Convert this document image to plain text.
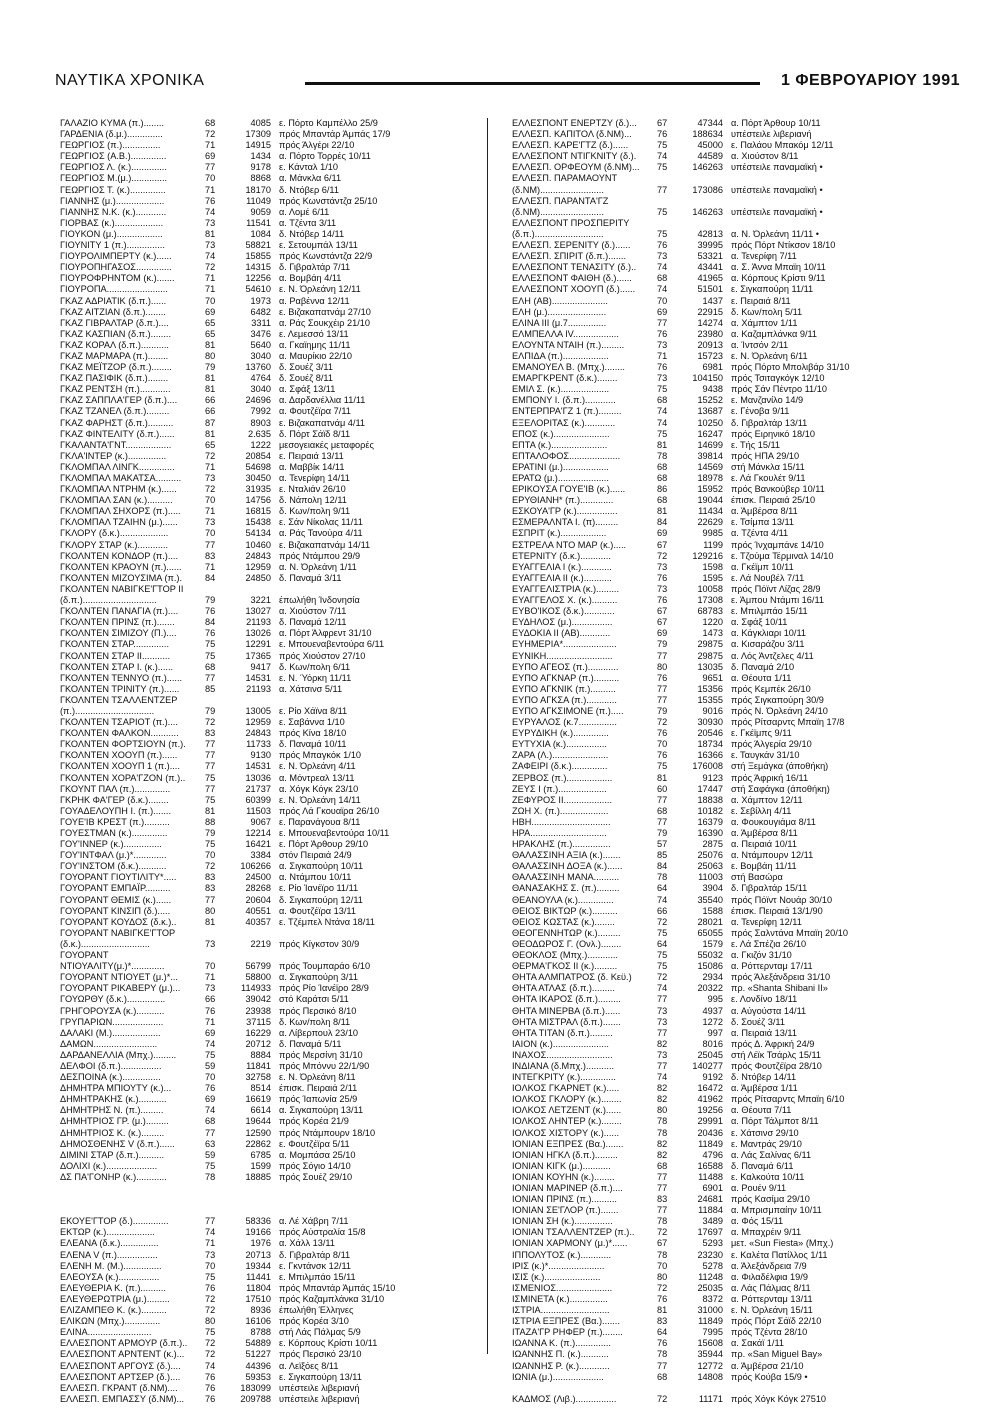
ΝΑΥΤΙΚΑ ΧΡΟΝΙΚΑ	1 ΦΕΒΡΟΥΑΡΙΟΥ 1991
ΓΑΛΑΖΙΟ ΚΥΜΑ (π.)........	68	4085 ε. Πόρτο Καμπέλλο 25/9
ΓΑΡΔΕΝΙΑ (δ.μ.)..............	72	17309 πρός Μπαντάρ Άμπάς 17/9
ΓΕΩΡΓΙΟΣ (π.)...............	71	14915 πρός Άλγέρι 22/10
ΓΕΩΡΓΙΟΣ (Α.Β.)..............	69	1434 α. Πόρτο Τορρές 10/11
ΓΕΩΡΓΙΟΣ Λ. (κ.)..............	77	9178 ε. Κάνταλ 1/10
ΓΕΩΡΓΙΟΣ Μ.(μ.)..............	70	8868 α. Μάνκλα 6/11
ΓΕΩΡΓΙΟΣ Τ. (κ.)..............	71	18170 δ. Ντόβερ 6/11
ΓΙΑΝΝΗΣ (μ.)...................	76	11049 πρός Κωνστάντζα 25/10
ΓΙΑΝΝΗΣ Ν.Κ. (κ.)............	74	9059 α. Λομέ 6/11
ΓΙΟΡΒΑΣ (κ.)...................	73	11541 α. Τζέντα 3/11
ΓΙΟΥΚΟΝ (μ.)..................	81	1084 δ. Ντόβερ 14/11
ΓΙΟΥΝΙΤΥ 1 (π.)...............	73	58821 ε. Σετουμπάλ 13/11
ΓΙΟΥΡΟΛΙΜΠΕΡΤΥ (κ.)......	74	15855 πρός Κωνστάντζα 22/9
ΓΙΟΥΡΟΠΗΓΑΣΟΣ..............	72	14315 δ. Γιβραλτάρ 7/11
ΓΙΟΥΡΟΦΡΗΝΤΟΜ (κ.).......	71	12256 α. Βομβάη 4/11
ΓΙΟΥΡΟΠΑ........................	71	54610 ε. Ν. Όρλεάνη 12/11
ΓΚΑΖ ΑΔΡΙΑΤΙΚ (δ.π.)......	70	1973 α. Ραβέννα 12/11
ΓΚΑΖ ΑΙΤΖΙΑΝ (δ.π.)........	69	6482 ε. Βιζακαπατνάμ 27/10
ΓΚΑΖ ΓΙΒΡΑΛΤΑΡ (δ.π.)....	65	3311 α. Ράς Σουκχέιρ 21/10
ΓΚΑΖ ΚΑΣΠΙΑΝ (δ.π.)........	65	3476 ε. Λεμεσσό 13/11
ΓΚΑΖ ΚΟΡΑΛ (δ.π.)...........	81	5640 α. Γκαϊημης 11/11
ΓΚΑΖ ΜΑΡΜΑΡΑ (π.)........	80	3040 α. Μαυρίκιο 22/10
ΓΚΑΖ ΜΕΪΤΖΟΡ (δ.π.)........	79	13760 δ. Σουέζ 3/11
ΓΚΑΖ ΠΑΣΙΦΙΚ (δ.π.)........	81	4764 δ. Σουέζ 8/11
ΓΚΑΖ ΡΕΝΤΣΗ (π.)............	81	3040 α. Σφάξ 13/11
ΓΚΑΖ ΣΑΠΠΛΑ'ΓΕΡ (δ.π.)....	66	24696 α. Δαρδανέλλια 11/11
ΓΚΑΖ ΤΖΑΝΕΛ (δ.π.).........	66	7992 α. Φουτζέϊρα 7/11
ΓΚΑΖ ΦΑΡΗΣΤ (δ.π.)..........	87	8903 ε. Βιζακαπατνάμ 4/11
ΓΚΑΖ ΦΙΝΤΕΛΙΤΥ (δ.π.)......	81	2.635 δ. Πόρτ Σάϊδ 8/11
ΓΚΑΛΑΝΤΑ'ΓΝΤ..................	65	1222 μεσογειακές μεταφορές
ΓΚΛΑ'ΙΝΤΕΡ (κ.)...............	72	20854 ε. Πειραιά 13/11
ΓΚΛΟΜΠΑΛ ΛΙΝΓΚ..............	71	54698 α. Μαββίκ 14/11
ΓΚΛΟΜΠΑΛ ΜΑΚΑΤΣΑ..........	73	30450 α. Τενερίφη 14/11
ΓΚΛΟΜΠΑΛ ΝΤΡΗΜ (κ.)......	72	31935 ε. Νταλιάν 26/10
ΓΚΛΟΜΠΑΛ ΣΑΝ (κ.)..........	70	14756 δ. Νάπολη 12/11
ΓΚΛΟΜΠΑΛ ΣΗΧΟΡΣ (π.).....	71	16815 δ. Κων/πολη 9/11
ΓΚΛΟΜΠΑΛ ΤΖΑΙΗΝ (μ.)......	73	15438 ε. Σάν Νίκολας 11/11
ΓΚΛΟΡΥ (δ.κ.)...................	70	54134 α. Ράς Τανούρα 4/11
ΓΚΛΟΡΥ ΣΤΑΡ (κ.)............	77	10460 ε. Βιζακαπατνάμ 14/11
ΓΚΟΛΝΤΕΝ ΚΟΝΔΟΡ (π.)....	83	24843 πρός Ντάμπου 29/9
ΓΚΟΛΝΤΕΝ ΚΡΑΟΥΝ (π.)......	71	12959 α. Ν. Όρλεάνη 1/11
ΓΚΟΛΝΤΕΝ ΜΙΖΟΥΣΙΜΑ (π.).	84	24850 δ. Παναμά 3/11
ΓΚΟΛΝΤΕΝ ΝΑΒΙΓΚΕ'ΓΤΟΡ ΙΙ
(δ.π.).............................	79	3221 έπωλήθη Ίνδονησία
ΓΚΟΛΝΤΕΝ ΠΑΝΑΓΙΑ (π.)....	76	13027 α. Χιούστον 7/11
ΓΚΟΛΝΤΕΝ ΠΡΙΝΣ (π.).......	84	21193 δ. Παναμά 12/11
ΓΚΟΛΝΤΕΝ ΣΙΜΙΖΟΥ (Π.)....	76	13026 α. Πόρτ Άλφρεντ 31/10
ΓΚΟΛΝΤΕΝ ΣΤΑΡ..............	75	12291 ε. Μπουεναβεντούρα 6/11
ΓΚΟΛΝΤΕΝ ΣΤΑΡ ΙΙ...........	75	17365 πρός Χιούστον 27/10
ΓΚΟΛΝΤΕΝ ΣΤΑΡ Ι. (κ.)......	68	9417 δ. Κων/πολη 6/11
ΓΚΟΛΝΤΕΝ ΤΕΝΝΥΟ (π.)......	77	14531 ε. Ν. Ύόρκη 11/11
ΓΚΟΛΝΤΕΝ ΤΡΙΝΙΤΥ (π.)......	85	21193 α. Χάτσινσ 5/11
ΓΚΟΛΝΤΕΝ ΤΣΑΛΛΕΝΤΖΕΡ
(π.)...............................	79	13005 ε. Ρίο Χάϊνα 8/11
ΓΚΟΛΝΤΕΝ ΤΣΑΡΙΟΤ (π.)....	72	12959 ε. Σαβάννα 1/10
ΓΚΟΛΝΤΕΝ ΦΑΛΚΟΝ...........	83	24843 πρός Κίνα 18/10
ΓΚΟΛΝΤΕΝ ΦΟΡΤΣΙΟΥΝ (π.).	77	11733 δ. Παναμά 10/11
ΓΚΟΛΝΤΕΝ ΧΟΟΥΠ (π.)......	77	9130 πρός Μπαγκόκ 1/10
ΓΚΟΛΝΤΕΝ ΧΟΟΥΠ 1 (π.)....	77	14531 ε. Ν. Όρλεάνη 4/11
ΓΚΟΛΝΤΕΝ ΧΟΡΑ'ΓΖΟΝ (π.)..	75	13036 α. Μόντρεαλ 13/11
ΓΚΟΥΝΤ ΠΑΛ (π.)..............	77	21737 α. Χόγκ Κόγκ 23/10
ΓΚΡΗΚ ΦΑ'ΓΕΡ (δ.κ.)........	75	60399 ε. Ν. Όρλεάνη 14/11
ΓΟΥΑΔΕΛΟΥΠΗ Ι. (π.).......	81	11503 πρός Λά Γκουαϊρα 26/10
ΓΟΥΕ'ΙΒ ΚΡΕΣΤ (π.)..........	88	9067 ε. Παρανάγουα 8/11
ΓΟΥΕΣΤΜΑΝ (κ.)..............	79	12214 ε. Μπουεναβεντούρα 10/11
ΓΟΥ'ΙΝΝΕΡ (κ.)...............	75	16421 ε. Πόρτ Άρθουρ 29/10
ΓΟΥ'ΙΝΤΦΑΛ (μ.)*.............	70	3384 στόν Πειραιά 24/9
ΓΟΥ'ΙΝΣΤΟΜ (δ.κ.)...........	72	106266 α. Σιγκαπούρη 10/11
ΓΟΥΟΡΑΝΤ ΓΙΟΥΤΙΛΙΤΥ*.....	83	24500 α. Ντάμπου 10/11
ΓΟΥΟΡΑΝΤ ΕΜΠΑΪΡ..........	83	28268 ε. Ρίο Ίανέϊρο 11/11
ΓΟΥΟΡΑΝΤ ΘΕΜΙΣ (κ.)......	77	20604 δ. Σιγκαπούρη 12/11
ΓΟΥΟΡΑΝΤ ΚΙΝΣΙΠ (δ.).....	80	40551 α. Φουτζέϊρα 13/11
ΓΟΥΟΡΑΝΤ ΚΟΥΔΟΣ (δ.κ.)..	81	40357 ε. Τζέμπελ Ντάνα 18/11
ΓΟΥΟΡΑΝΤ ΝΑΒΙΓΚΕ'ΓΤΟΡ
(δ.κ.)...........................	73	2219 πρός Κίγκστον 30/9
ΓΟΥΟΡΑΝΤ
ΝΤΙΟΥΑΛΙΤΥ(μ.)*.............	70	56799 πρός Τουμπαράο 6/10
ΓΟΥΟΡΑΝΤ ΝΤΙΟΥΕΤ (μ.)*...	71	58800 α. Σιγκαπούρη 3/11
ΓΟΥΟΡΑΝΤ ΡΙΚΑΒΕΡΥ (μ.)...	73	114933 πρός Ρίο Ίανέϊρο 28/9
ΓΟΥΩΡΘΥ (δ.κ.)...............	66	39042 στό Καράτσι 5/11
ΓΡΗΓΟΡΟΥΣΑ (κ.)...........	76	23938 πρός Περσικό 8/10
ΓΡΥΠΑΡΙΩΝ....................	71	37115 δ. Κων/πολη 8/11
ΔΑΛΑΚΙ (Μ.)...................	69	16229 α. Λίβερπουλ 23/10
ΔΑΜΩΝ.........................	74	20712 δ. Παναμά 5/11
ΔΑΡΔΑΝΕΛΛΙΑ (Μπχ.).........	75	8884 πρός Μερσίνη 31/10
ΔΕΛΦΟΙ (δ.π.)................	59	11841 πρός Μπόννυ 22/1/90
ΔΕΣΠΟΙΝΑ (κ.)...............	70	32758 ε. Ν. Όρλεάνη 8/11
ΔΗΜΗΤΡΑ ΜΠΙΟΥΤΥ (κ.)...	76	8514 έπισκ. Πειραιά 2/11
ΔΗΜΗΤΡΑΚΗΣ (κ.)...........	69	16619 πρός Ίαπωνία 25/9
ΔΗΜΗΤΡΗΣ Ν. (π.).........	74	6614 α. Σιγκαπούρη 13/11
ΔΗΜΗΤΡΙΟΣ ΓΡ. (μ.).........	68	19644 πρός Κορέα 21/9
ΔΗΜΗΤΡΙΟΣ Κ. (κ.).........	77	12590 πρός Ντάμπουρν 18/10
ΔΗΜΟΣΘΕΝΗΣ V (δ.π.)......	63	22862 ε. Φουτζέϊρα 5/11
ΔΙΜΙΝΙ ΣΤΑΡ (δ.π.)..........	59	6785 α. Μομπάσα 25/10
ΔΟΛΙΧΙ (κ.)....................	75	1599 πρός Σόγιο 14/10
ΔΣ ΠΑ'ΓΟΝΗΡ (κ.)............	78	18885 πρός Σουέζ 29/10
ΕΚΟΥΕ'ΓΤΟΡ (δ.)..............	77	58336 α. Λέ Χάβρη 7/11
ΕΚΤΩΡ (κ.)...................	74	19166 πρός Αύστραλία 15/8
ΕΛΕΑΝΑ (δ.κ.)...............	71	1976 α. Χάλλ 13/11
ΕΛΕΝΑ V (π.)................	73	20713 δ. Γιβραλτάρ 8/11
ΕΛΕΝΗ Μ. (Μ.)...............	70	19344 ε. Γκντάνσκ 12/11
ΕΛΕΟΥΣΑ (κ.)................	75	11441 ε. Μπιλμπάο 15/11
ΕΛΕΥΘΕΡΙΑ Κ. (π.)..........	76	11804 πρός Μπαντάρ Άμπάς 15/10
ΕΛΕΥΘΕΡΩΤΡΙΑ (μ.).........	72	17510 πρός Καζαμπλάνκα 31/10
ΕΛΙΖΑΜΠΕΘ Κ. (κ.)..........	72	8936 έπωλήθη Έλληνες
ΕΛΙΚΩΝ (Μπχ.)..............	80	16106 πρός Κορέα 3/10
ΕΛΙΝΑ.........................	75	8788 στή Λάς Πάλμας 5/9
ΕΛΛΕΣΠΟΝΤ ΑΡΜΟΥΡ (δ.π.)..	72	54889 ε. Κόρπους Κρίστι 10/11
ΕΛΛΕΣΠΟΝΤ ΑΡΝΤΕΝΤ (κ.)...	72	51227 πρός Περσικό 23/10
ΕΛΛΕΣΠΟΝΤ ΑΡΓΟΥΣ (δ.)....	74	44396 α. Λεϊξόες 8/11
ΕΛΛΕΣΠΟΝΤ ΑΡΤΣΕΡ (δ.)....	76	59353 ε. Σιγκαπούρη 13/11
ΕΛΛΕΣΠ. ΓΚΡΑΝΤ (δ.ΝΜ)....	76	183099 υπέστειλε λιβεριανή
ΕΛΛΕΣΠ. ΕΜΠΑΣΣΥ (δ.ΝΜ)...	76	209788 υπέστειλε λιβεριανή
ΕΛΛΕΣΠΟΝΤ ΕΝΕΡΤΖΥ (δ.)...	67	47344 α. Πόρτ Άρθουρ 10/11
ΕΛΛΕΣΠ. ΚΑΠΙΤΟΛ (δ.ΝΜ)...	76	188634 υπέστειλε λιβεριανή
ΕΛΛΕΣΠ. ΚΑΡΕ'ΓΤΖ (δ.)......	75	45000 ε. Παλάου Μπακόμ 12/11
ΕΛΛΕΣΠΟΝΤ ΝΤΙΓΚΝΙΤΥ (δ.).	74	44589 α. Χιούστον 8/11
ΕΛΛΕΣΠ. ΟΡΦΕΟΥΜ (δ.ΝΜ)...	75	146263 υπέστειλε παναμαϊκή •
ΕΛΛΕΣΠ. ΠΑΡΑΜΑΟΥΝΤ
(δ.ΝΜ).........................	77	173086 υπέστειλε παναμαϊκή •
ΕΛΛΕΣΠ. ΠΑΡΑΝΤΑ'ΓΖ
(δ.ΝΜ).........................	75	146263 υπέστειλε παναμαϊκή •
ΕΛΛΕΣΠΟΝΤ ΠΡΟΣΠΕΡΙΤΥ
(δ.π.)...........................	75	42813 α. Ν. Όρλεάνη 11/11 •
ΕΛΛΕΣΠ. ΣΕΡΕΝΙΤΥ (δ.)......	76	39995 πρός Πόρτ Ντίκσον 18/10
ΕΛΛΕΣΠ. ΣΠΙΡΙΤ (δ.π.).......	73	53321 α. Τενερίφη 7/11
ΕΛΛΕΣΠΟΝΤ ΤΕΝΑΣΙΤΥ (δ.)..	74	43441 α. Σ. Άννα Μπαϊη 10/11
ΕΛΛΕΣΠΟΝΤ ΦΑΙΘΗ (δ.)......	68	41965 α. Κόρπους Κρίστι 9/11
ΕΛΛΕΣΠΟΝΤ ΧΟΟΥΠ (δ.)......	74	51501 ε. Σιγκαπούρη 11/11
ΕΛΗ (ΑΒ)......................	70	1437 ε. Πειραιά 8/11
ΕΛΗ (μ.).......................	69	22915 δ. Κων/πολη 5/11
ΕΛΙΝΑ ΙΙΙ (μ.7...............	77	14274 α. Χάμπτον 1/11
ΕΛΜΠΕΛΛΑ IV..................	76	23980 α. Καζαμπλάνκα 9/11
ΕΛΟΥΝΤΑ ΝΤΑΙΗ (π.).........	73	20913 α. Ίντσόν 2/11
ΕΛΠΙΔΑ (π.)..................	71	15723 ε. Ν. Όρλεάνη 6/11
ΕΜΑΝΟΥΕΛ Β. (Μπχ.)........	76	6981 πρός Πόρτο Μπολιβάρ 31/10
ΕΜΑΡΓΚΡΕΝΤ (δ.κ.)........	73	104150 πρός Τσιταγκόγκ 12/10
ΕΜΙΛ Σ. (κ.)...................	75	9438 πρός Σάν Πέντρο 11/10
ΕΜΠΟΝΥ Ι. (δ.π.)............	68	15252 ε. Μανζανίλο 14/9
ΕΝΤΕΡΠΡΑ'ΓΖ 1 (π.).........	74	13687 ε. Γένοβα 9/11
ΕΞΕΛΟΡΙΤΑΣ (κ.)............	74	10250 δ. Γιβραλτάρ 13/11
ΕΠΟΣ (κ.)......................	75	16247 πρός Ειρηνικό 18/10
ΕΠΤΑ (κ.)......................	81	14699 ε. Τής 15/11
ΕΠΤΑΛΟΦΟΣ....................	78	39814 πρός ΗΠΑ 29/10
ΕΡΑΤΙΝΙ (μ.)..................	68	14569 στή Μάνκλα 15/11
ΕΡΑΤΩ (μ.)....................	68	18978 ε. Λά Γκουλέτ 9/11
ΕΡΙΚΟΥΣΑ ΓΟΥΕ'ΙΒ (κ.)......	86	15952 πρός Βανκούβερ 10/11
ΕΡΥΘΙΑΝΗ* (π.).............	68	19044 έπισκ. Πειραιά 25/10
ΕΣΚΟΥΑ'ΓΡ (κ.)................	81	11434 α. Άμβέρσα 8/11
ΕΣΜΕΡΑΛΝΤΑ Ι. (π).........	84	22629 ε. Τσίμπα 13/11
ΕΣΠΡΙΤ (κ.)..................	69	9985 α. Τζέντα 4/11
ΕΣΤΡΕΛΑ ΝΤΟ ΜΑΡ (κ.).....	67	1199 πρός Ίνχαμπάνε 14/10
ΕΤΕΡΝΙΤΥ (δ.κ.)............	72	129216 ε. Τζούμα Τέρμιναλ 14/10
ΕΥΑΓΓΕΛΙΑ Ι (κ.)............	73	1598 α. Γκέϊμπ 10/11
ΕΥΑΓΓΕΛΙΑ ΙΙ (κ.)...........	76	1595 ε. Λά Νουβέλ 7/11
ΕΥΑΓΓΕΛΙΣΤΡΙΑ (κ.).........	73	10058 πρός Πόϊντ Λίζας 28/9
ΕΥΑΓΓΕΛΟΣ Χ. (κ.)..........	76	17308 ε. Άμπου Ντάμπι 16/11
ΕΥΒΟ'ΙΚΟΣ (δ.κ.)............	67	68783 ε. Μπιλμπάο 15/11
ΕΥΔΗΛΟΣ (μ.)................	67	1220 α. Σφάξ 10/11
ΕΥΔΟΚΙΑ ΙΙ (ΑΒ)............	69	1473 α. Κάγκλιαρι 10/11
ΕΥΗΜΕΡΙΑ*.....................	79	29875 α. Κισαράζου 3/11
ΕΥΝΙΚΗ..........................	77	29875 α. Λός Άντζελες 4/11
ΕΥΠΟ ΑΓΕΟΣ (π.)............	80	13035 δ. Παναμά 2/10
ΕΥΠΟ ΑΓΚΝΑΡ (π.)..........	76	9651 α. Θέουτα 1/11
ΕΥΠΟ ΑΓΚΝΙΚ (π.)..........	77	15356 πρός Κεμπέκ 26/10
ΕΥΠΟ ΑΓΚΣΑ (π.)............	77	15355 πρός Σιγκαπούρη 30/9
ΕΥΠΟ ΑΓΚΣΙΜΟΝΕ (π.).....	79	9016 πρός Ν. Όρλεάνη 24/10
ΕΥΡΥΑΛΟΣ (κ.7...............	72	30930 πρός Ρίτσαρντς Μπαϊη 17/8
ΕΥΡΥΔΙΚΗ (κ.)..............	76	20546 ε. Γκέϊμπς 9/11
ΕΥΤΥΧΙΑ (κ.)................	70	18734 πρός Άλγερία 29/10
ΖΑΡΑ (Λ.)......................	76	16366 ε. Ταυγκάν 31/10
ΖΑΦΕΙΡΙ (δ.κ.)..............	75	176008 στή Ξεμάγκα (άποθήκη)
ΖΕΡΒΟΣ (π.)..................	81	9123 πρός Άφρική 16/11
ΖΕΥΣ Ι (π.)...................	60	17447 στή Σαφάγκα (άποθήκη)
ΖΕΦΥΡΟΣ ΙΙ...................	77	18838 α. Χάμπτον 12/11
ΖΩΗ Χ. (π.)...................	68	10182 ε. Σεβίλλη 4/11
ΗΒΗ...............................	77	16379 α. Φουκουγιάμα 8/11
ΗΡΑ..............................	79	16390 α. Άμβέρσα 8/11
ΗΡΑΚΛΗΣ (π.)...............	57	2875 α. Πειραιά 10/11
ΘΑΛΑΣΣΙΝΗ ΑΞΙΑ (κ.).......	85	25076 α. Ντάμπουρν 12/11
ΘΑΛΑΣΣΙΝΗ ΔΟΞΑ (κ.)......	84	25063 ε. Βομβάη 11/11
ΘΑΛΑΣΣΙΝΗ ΜΑΝΑ..........	78	11003 στή Βασώρα
ΘΑΝΑΣΑΚΗΣ Σ. (π.).........	64	3904 δ. Γιβραλτάρ 15/11
ΘΕΑΝΟΥΛΑ (κ.)..............	74	35540 πρός Πόϊντ Νουάρ 30/10
ΘΕΙΟΣ ΒΙΚΤΩΡ (κ.)..........	66	1588 έπισκ. Πειραιά 13/1/90
ΘΕΙΟΣ ΚΩΣΤΑΣ (κ.)........	72	28021 α. Τενερίφη 12/11
ΘΕΟΓΕΝΝΗΤΩΡ (κ.).........	75	65055 πρός Σαλντάνα Μπαϊη 20/10
ΘΕΟΔΩΡΟΣ Γ. (Ονλ.)........	64	1579 ε. Λά Σπέζια 26/10
ΘΕΟΚΛΟΣ (Μπχ.)............	75	55032 α. Γκιζόν 31/10
ΘΕΡΜΑ'ΓΚΟΣ ΙΙ (κ.).........	75	15086 α. Ρόττερνταμ 17/11
ΘΗΤΑ ΑΛΜΠΑΤΡΟΣ (δ. Κεϋ.)	72	2934 πρός Άλεξάνδρεια 31/10
ΘΗΤΑ ΑΤΛΑΣ (δ.π.).........	74	20322 πρ. «Shanta Shibani II»
ΘΗΤΑ ΙΚΑΡΟΣ (δ.π.).........	77	995 ε. Λονδίνο 18/11
ΘΗΤΑ ΜΙΝΕΡΒΑ (δ.π.)......	73	4937 α. Αύγούστα 14/11
ΘΗΤΑ ΜΙΣΤΡΑΛ (δ.π.).......	73	1272 δ. Σουέζ 3/11
ΘΗΤΑ ΤΙΤΑΝ (δ.π.).........	77	997 α. Πειραιά 13/11
ΙΑΙΟΝ (κ.)......................	82	8016 πρός Δ. Άφρική 24/9
ΙΝΑΧΟΣ..........................	73	25045 στή Λέϊκ Τσάρλς 15/11
ΙΝΔΙΑΝΑ (δ.Μπχ.)...........	77	140277 πρός Φουτζέϊρα 28/10
ΙΝΤΕΓΚΡΙΤΥ (κ.)..............	74	9192 δ. Ντόβερ 14/11
ΙΟΛΚΟΣ ΓΚΑΡΝΕΤ (κ.).....	82	16472 α. Άμβέρσα 1/11
ΙΟΛΚΟΣ ΓΚΛΟΡΥ (κ.)........	82	41962 πρός Ρίτσαρντς Μπαϊη 6/10
ΙΟΛΚΟΣ ΛΕΤΖΕΝΤ (κ.)......	80	19256 α. Θέουτα 7/11
ΙΟΛΚΟΣ ΛΗΝΤΕΡ (κ.)........	78	29991 α. Πόρτ Τάλμποτ 8/11
ΙΟΛΚΟΣ ΧΙΣΤΟΡΥ (κ.)......	78	20436 ε. Χάτσινσ 29/10
ΙΟΝΙΑΝ ΕΞΠΡΕΣ (Βα.).......	82	11849 ε. Μαντράς 29/10
ΙΟΝΙΑΝ ΗΓΚΛ (δ.π.).........	82	4796 α. Λάς Σαλίνας 6/11
ΙΟΝΙΑΝ ΚΙΓΚ (μ.)...........	68	16588 δ. Παναμά 6/11
ΙΟΝΙΑΝ ΚΟΥΗΝ (κ.)........	77	11488 ε. Καλκούτα 10/11
ΙΟΝΙΑΝ ΜΑΡΙΝΕΡ (δ.π.)....	77	6901 α. Ρουέν 9/11
ΙΟΝΙΑΝ ΠΡΙΝΣ (π.)..........	83	24681 πρός Κασίμα 29/10
ΙΟΝΙΑΝ ΣΕ'ΓΛΟΡ (π.).......	77	11884 α. Μπρισμπαίην 10/11
ΙΟΝΙΑΝ ΣΗ (κ.)...............	78	3489 α. Φός 15/11
ΙΟΝΙΑΝ ΤΣΑΛΛΕΝΤΖΕΡ (π.)..	72	17697 α. Μπαχρέιν 9/11
ΙΟΝΙΑΝ ΧΑΡΜΟΝΥ (μ.)*......	67	5293 μετ. «Sun Fiesta» (Μπχ.)
ΙΠΠΟΛΥΤΟΣ (κ.)............	78	23230 ε. Καλέτα Πατίλλος 1/11
ΙΡΙΣ (κ.)*......................	70	5278 α. Άλεξάνδρεια 7/9
ΙΣΙΣ (κ.)......................	80	11248 α. Φιλαδέλφια 19/9
ΙΣΜΕΝΙΟΣ......................	72	25035 α. Λάς Πάλμας 8/11
ΙΣΜΙΝΕΤΑ (κ.)...............	76	8372 α. Ρόττερνταμ 13/11
ΙΣΤΡΙΑ...........................	81	31000 ε. Ν. Όρλεάνη 15/11
ΙΣΤΡΙΑ ΕΞΠΡΕΣ (Βα.).......	83	11849 πρός Πόρτ Σάϊδ 22/10
ΙΤΑΖΑ'ΓΡ ΡΗΦΕΡ (π.)........	64	7995 πρός Τζέντα 28/10
ΙΩΑΝΝΑ Κ. (π.)..............	76	15608 α. Σακάϊ 1/11
ΙΩΑΝΝΗΣ Π. (κ.)...........	78	35944 πρ. «San Miguel Bay»
ΙΩΑΝΝΗΣ Ρ. (κ.)............	77	12772 α. Άμβέρσα 21/10
ΙΩΝΙΑ (μ.)....................	68	14808 πρός Κούβα 15/9 •
ΚΑΔΜΟΣ (Λιβ.)................	72	11171 πρός Χόγκ Κόγκ 27510
